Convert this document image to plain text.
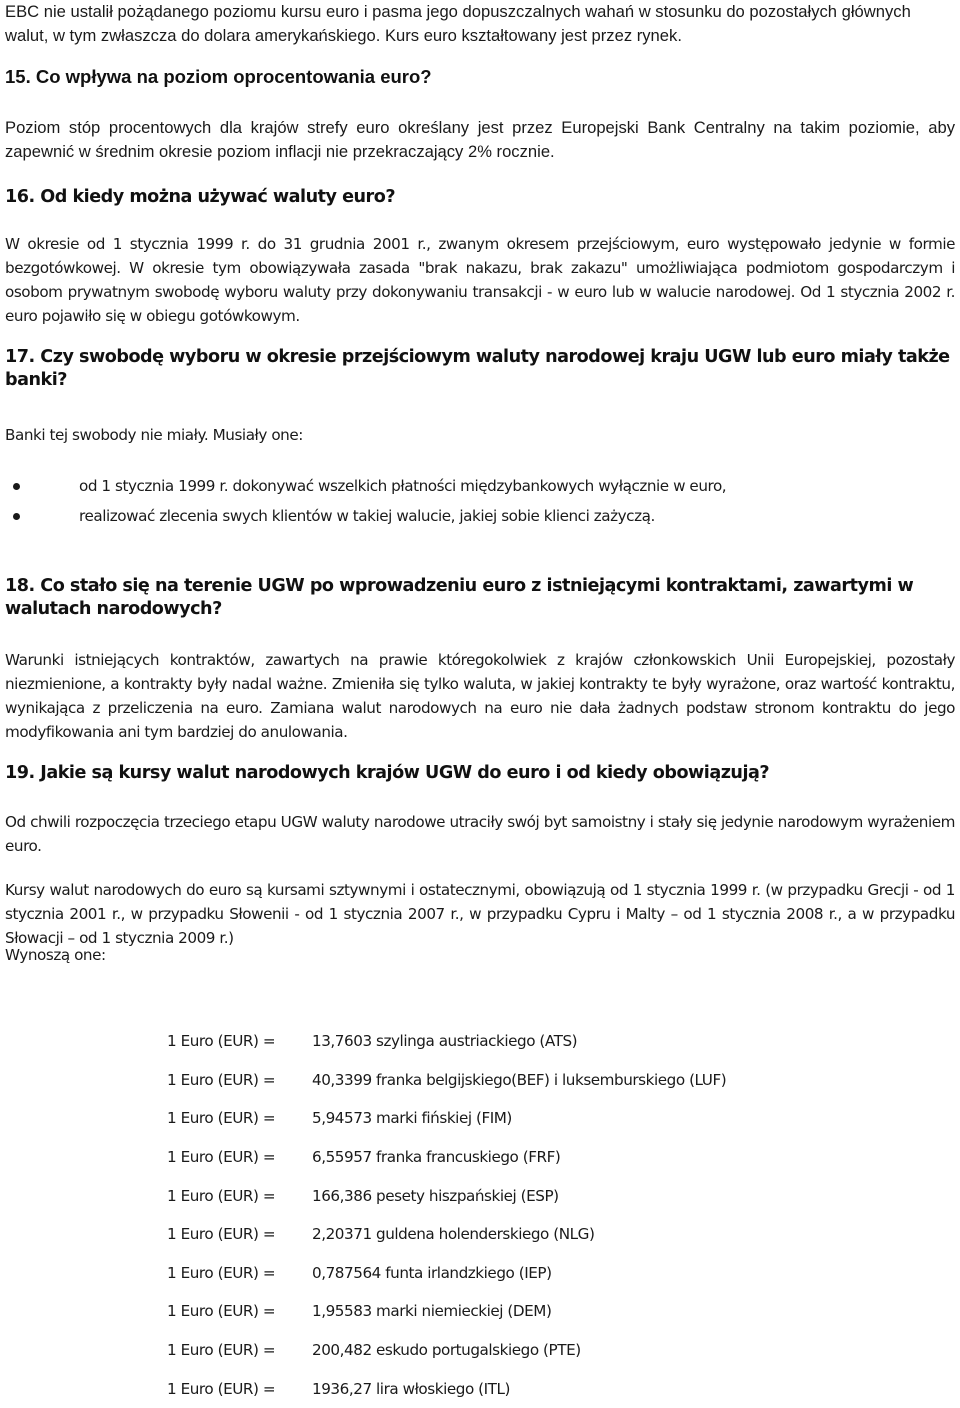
EBC nie ustalił pożądanego poziomu kursu euro i pasma jego dopuszczalnych wahań w stosunku do pozostałych głównych walut, w tym zwłaszcza do dolara amerykańskiego. Kurs euro kształtowany jest przez rynek.

15. Co wpływa na poziom oprocentowania euro?

Poziom stóp procentowych dla krajów strefy euro określany jest przez Europejski Bank Centralny na takim poziomie, aby zapewnić w średnim okresie poziom inflacji nie przekraczający 2% rocznie.

16. Od kiedy można używać waluty euro?

W okresie od 1 stycznia 1999 r. do 31 grudnia 2001 r., zwanym okresem przejściowym, euro występowało jedynie w formie bezgotówkowej. W okresie tym obowiązywała zasada "brak nakazu, brak zakazu" umożliwiająca podmiotom gospodarczym i osobom prywatnym swobodę wyboru waluty przy dokonywaniu transakcji - w euro lub w walucie narodowej. Od 1 stycznia 2002 r. euro pojawiło się w obiegu gotówkowym.

17. Czy swobodę wyboru w okresie przejściowym waluty narodowej kraju UGW lub euro miały także banki?

Banki tej swobody nie miały. Musiały one:

od 1 stycznia 1999 r. dokonywać wszelkich płatności międzybankowych wyłącznie w euro,
realizować zlecenia swych klientów w takiej walucie, jakiej sobie klienci zażyczą.
18. Co stało się na terenie UGW po wprowadzeniu euro z istniejącymi kontraktami, zawartymi w walutach narodowych?

Warunki istniejących kontraktów, zawartych na prawie któregokolwiek z krajów członkowskich Unii Europejskiej, pozostały niezmienione, a kontrakty były nadal ważne. Zmieniła się tylko waluta, w jakiej kontrakty te były wyrażone, oraz wartość kontraktu, wynikająca z przeliczenia na euro. Zamiana walut narodowych na euro nie dała żadnych podstaw stronom kontraktu do jego modyfikowania ani tym bardziej do anulowania.

19. Jakie są kursy walut narodowych krajów UGW do euro i od kiedy obowiązują?

Od chwili rozpoczęcia trzeciego etapu UGW waluty narodowe utraciły swój byt samoistny i stały się jedynie narodowym wyrażeniem euro.

Kursy walut narodowych do euro są kursami sztywnymi i ostatecznymi, obowiązują od 1 stycznia 1999 r. (w przypadku Grecji - od 1 stycznia 2001 r., w przypadku Słowenii - od 1 stycznia 2007 r., w przypadku Cypru i Malty – od 1 stycznia 2008 r., a w przypadku Słowacji – od 1 stycznia 2009 r.)

Wynoszą one:

1 Euro (EUR) =	13,7603 szylinga austriackiego (ATS)
1 Euro (EUR) =	40,3399 franka belgijskiego(BEF) i luksemburskiego (LUF)
1 Euro (EUR) =	5,94573 marki fińskiej (FIM)
1 Euro (EUR) =	6,55957 franka francuskiego (FRF)
1 Euro (EUR) =	166,386 pesety hiszpańskiej (ESP)
1 Euro (EUR) =	2,20371 guldena holenderskiego (NLG)
1 Euro (EUR) =	0,787564 funta irlandzkiego (IEP)
1 Euro (EUR) =	1,95583 marki niemieckiej (DEM)
1 Euro (EUR) =	200,482 eskudo portugalskiego (PTE)
1 Euro (EUR) =	1936,27 lira włoskiego (ITL)
